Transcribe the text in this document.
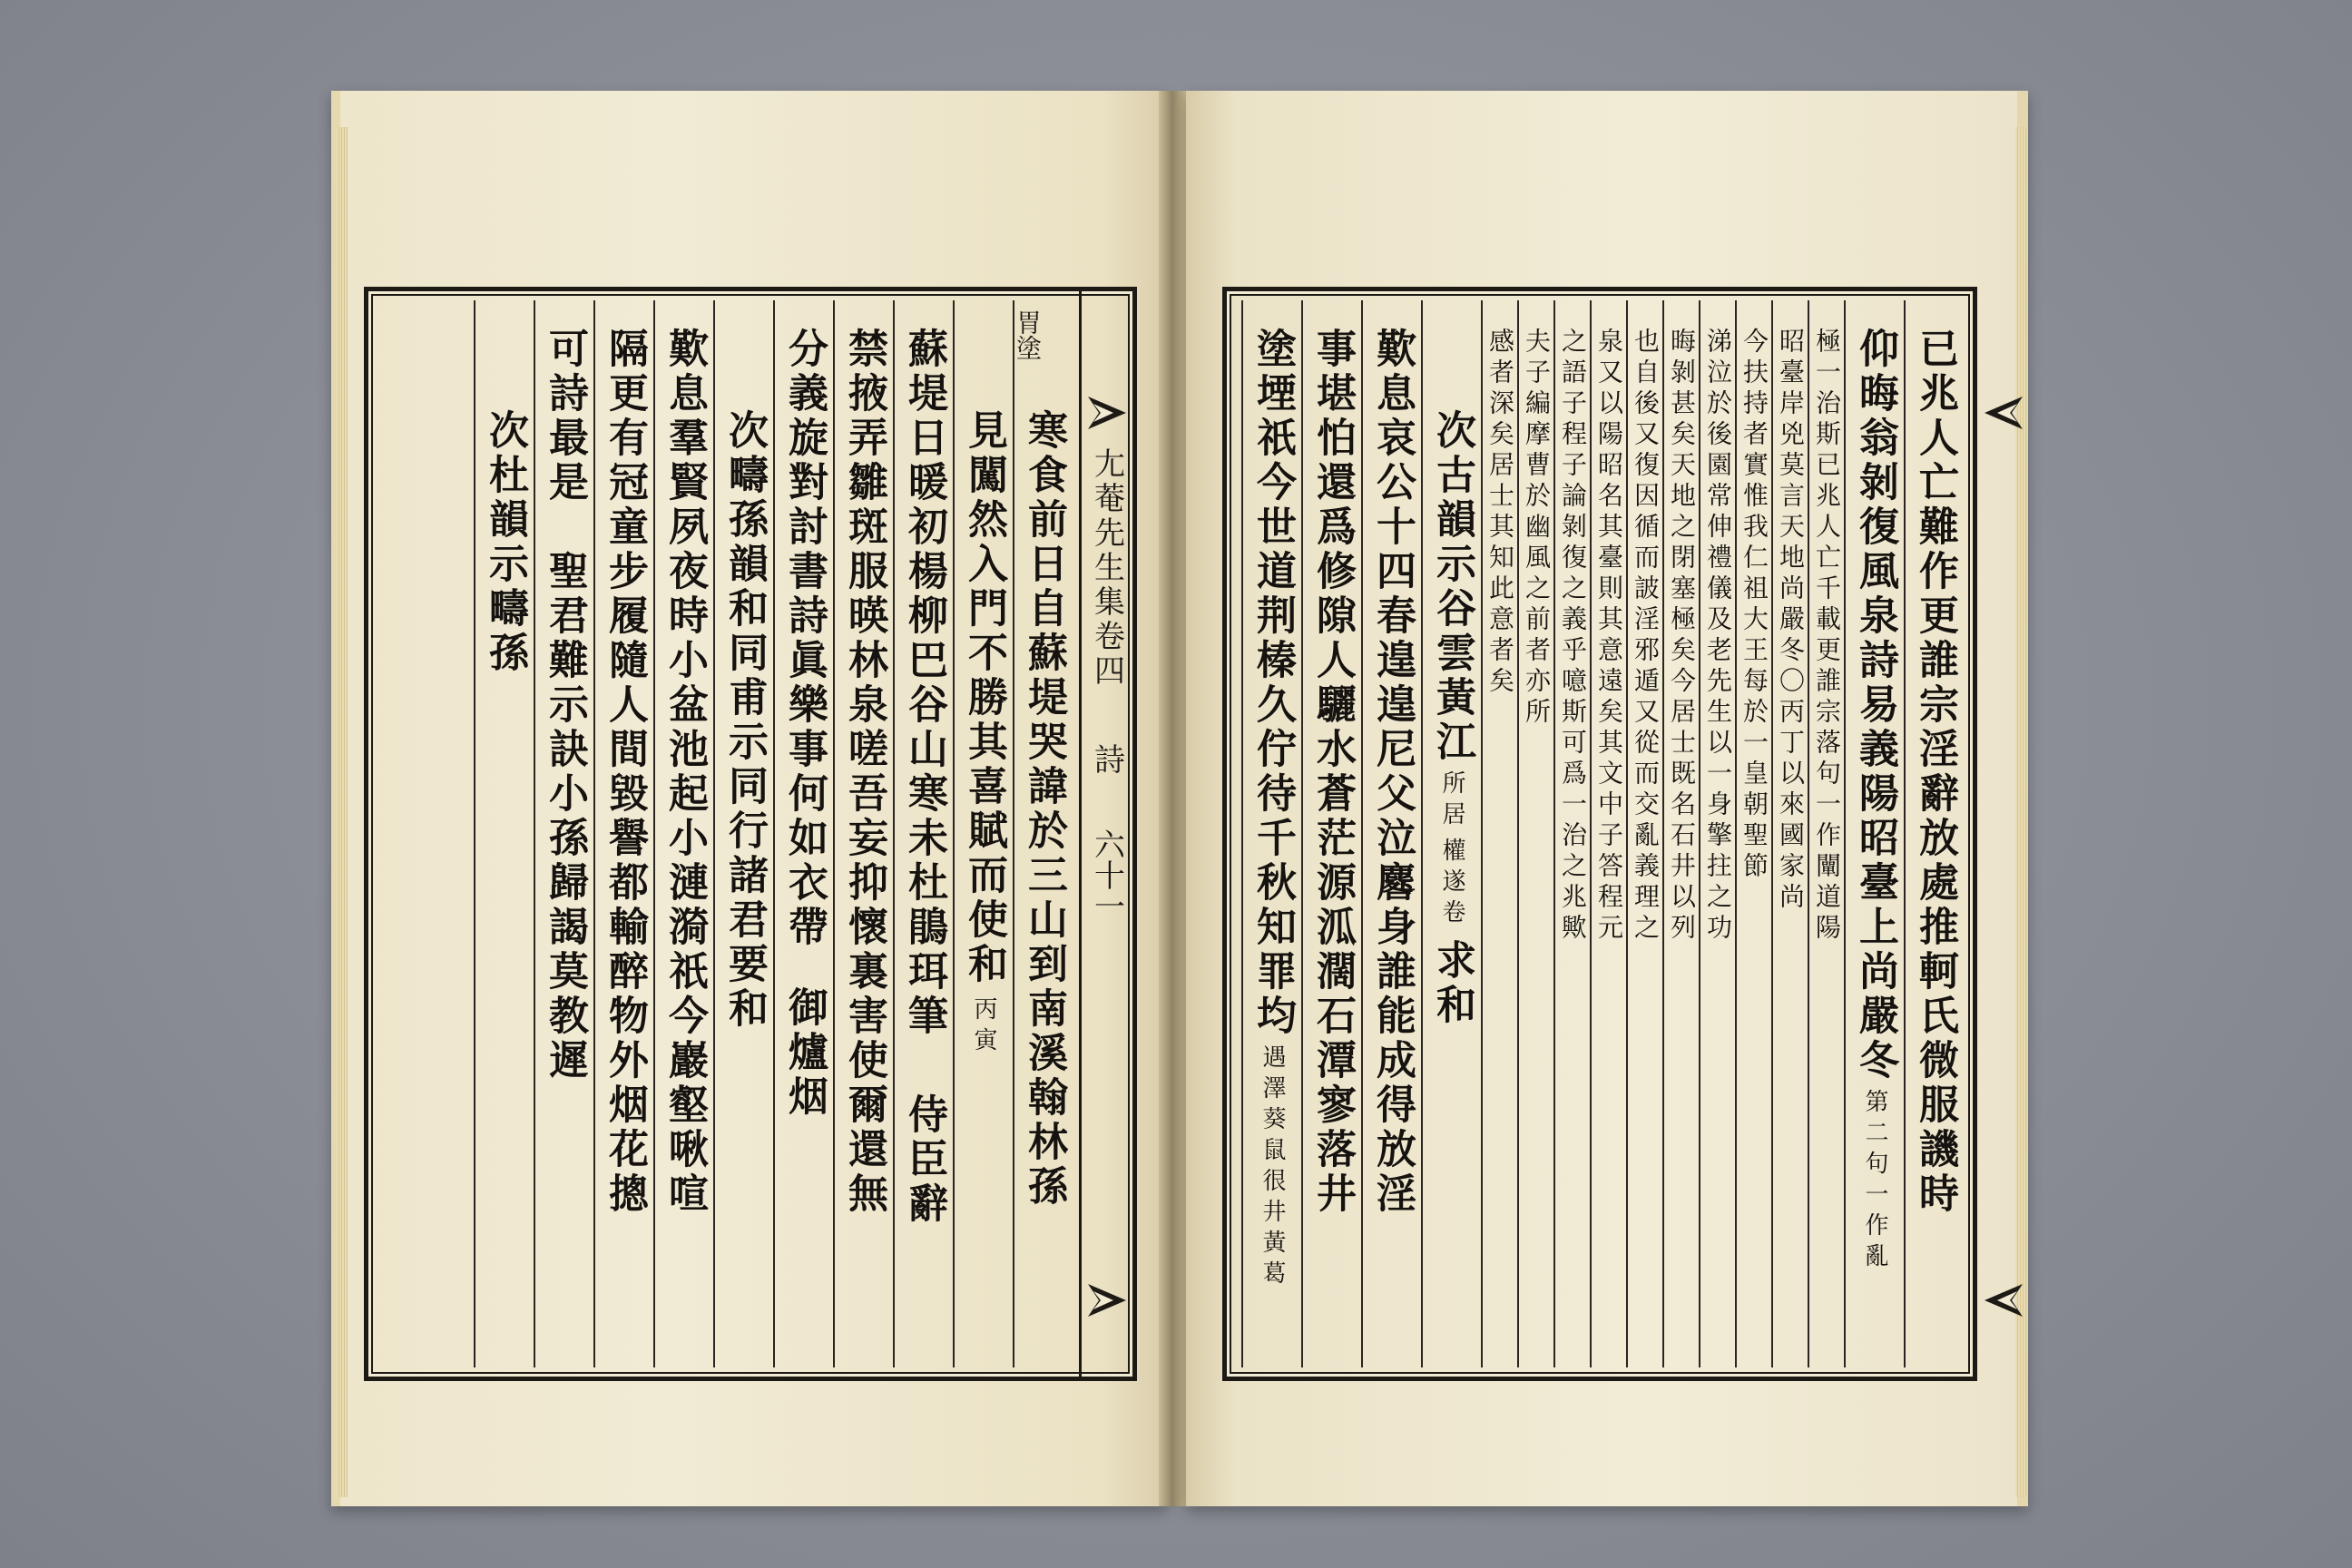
胃塗
寒食前日自蘇堤哭諱於三山到南溪翰林孫
見闖然入門不勝其喜賦而使和
丙寅
蘇堤日暖初楊柳巴谷山寒未杜鵑珥筆
侍臣辭
禁掖弄雛斑服暎林泉嗟吾妄抑懷裏害使爾還無
分義旋對討書詩眞樂事何如衣帶
御爐烟
次疇孫韻和同甫示同行諸君要和
歎息羣賢夙夜時小盆池起小漣漪祇今巖壑啾喧
隔更有冠童步履隨人間毀譽都輸醉物外烟花摠
可詩最是　聖君難示訣小孫歸謁莫教遲
次杜韻示疇孫	尢菴先生集卷四
詩
六十一	已兆人亡難作更誰宗淫辭放處推軻氏微服譏時
仰晦翁剝復風泉詩易義陽昭臺上尚嚴冬
第二句一作亂
極一治斯已兆人亡千載更誰宗落句一作闡道陽
昭臺岸兇莫言天地尚嚴冬〇丙丁以來國家尚
今扶持者實惟我仁祖大王每於一皇朝聖節
涕泣於後園常伸禮儀及老先生以一身擎拄之功
晦剝甚矣天地之閉塞極矣今居士既名石井以列
也自後又復因循而詖淫邪遁又從而交亂義理之
泉又以陽昭名其臺則其意遠矣其文中子答程元
之語子程子論剝復之義乎噫斯可爲一治之兆歟
夫子編摩曹於幽風之前者亦所
感者深矣居士其知此意者矣
次古韻示谷雲黃江
所居
權遂卷
求和
歎息哀公十四春遑遑尼父泣麔身誰能成得放淫
事堪怕還爲修隙人驪水蒼茫源泒濶石潭寥落井
塗堙祇今世道荆榛久佇待千秋知罪均
遇澤葵
鼠
很井黃葛
